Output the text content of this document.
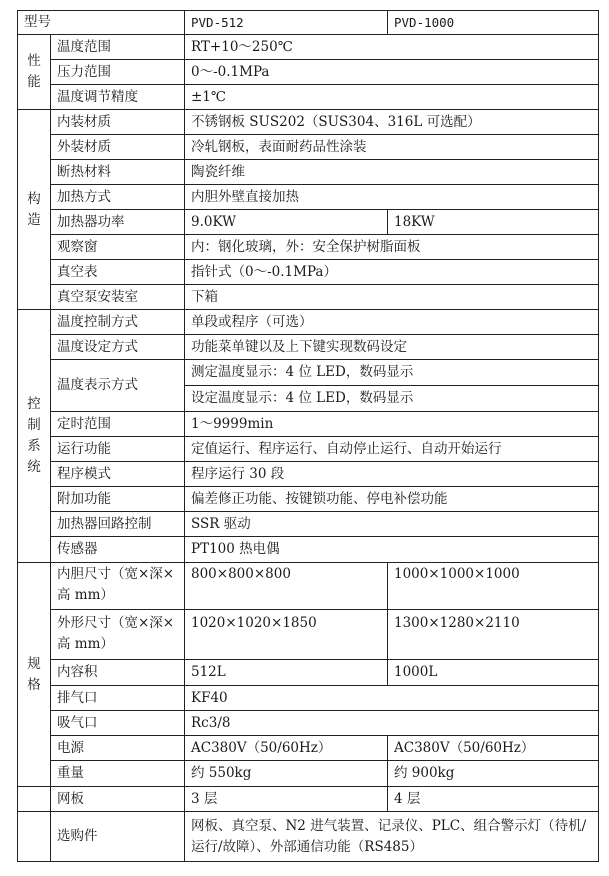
型号		PVD-512	PVD-1000

性
能	温度范围	RT+10～250℃	
	压力范围	0～-0.1MPa	
	温度调节精度	±1℃	

构
造	内装材质	不锈钢板 SUS202（SUS304、316L 可选配）	
	外装材质	冷轧钢板，表面耐药品性涂装	
	断热材料	陶瓷纤维	
	加热方式	内胆外壁直接加热	
	加热器功率	9.0KW	18KW
	观察窗	内：钢化玻璃，外：安全保护树脂面板	
	真空表	指针式（0～-0.1MPa）	
	真空泵安装室	下箱	

控
制
系
统	温度控制方式	单段或程序（可选）	
	温度设定方式	功能菜单键以及上下键实现数码设定	
	温度表示方式	测定温度显示：4 位 LED，数码显示	
		设定温度显示：4 位 LED，数码显示	
	定时范围	1～9999min	
	运行功能	定值运行、程序运行、自动停止运行、自动开始运行	
	程序模式	程序运行 30 段	
	附加功能	偏差修正功能、按键锁功能、停电补偿功能	
	加热器回路控制	SSR 驱动	
	传感器	PT100 热电偶	

规
格	内胆尺寸（宽×深×高 mm）	800×800×800	1000×1000×1000
	外形尺寸（宽×深×高 mm）	1020×1020×1850	1300×1280×2110
	内容积	512L	1000L
	排气口	KF40	
	吸气口	Rc3/8	
	电源	AC380V（50/60Hz）	AC380V（50/60Hz）
	重量	约 550kg	约 900kg
	网板	3 层	4 层
	选购件	网板、真空泵、N2 进气装置、记录仪、PLC、组合警示灯（待机/运行/故障）、外部通信功能（RS485）	
